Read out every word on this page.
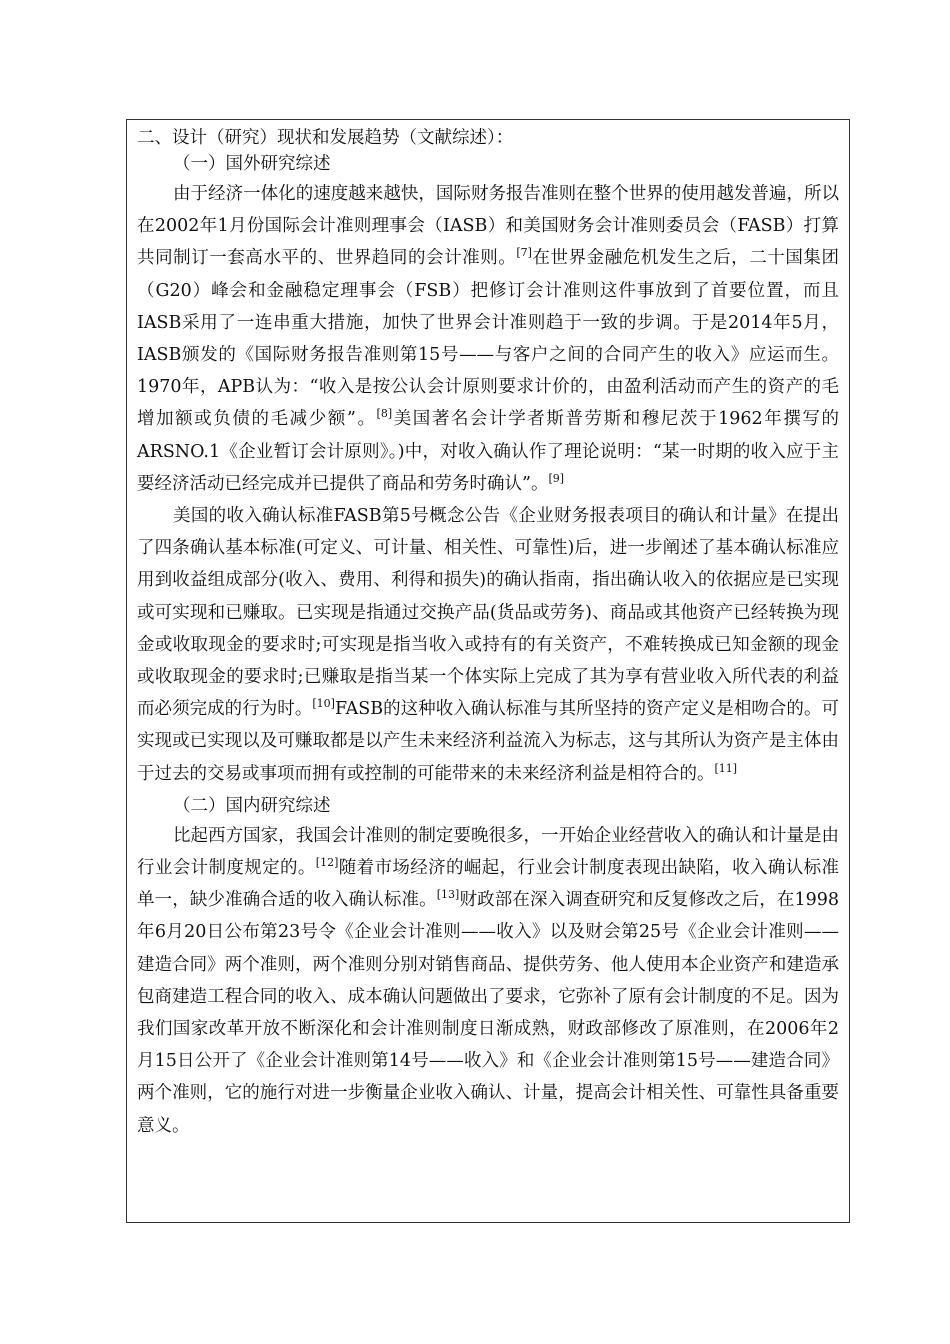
二、设计（研究）现状和发展趋势（文献综述）：

（一）国外研究综述

由于经济一体化的速度越来越快，国际财务报告准则在整个世界的使用越发普遍，所以在2002年1月份国际会计准则理事会（IASB）和美国财务会计准则委员会（FASB）打算共同制订一套高水平的、世界趋同的会计准则。[7]在世界金融危机发生之后，二十国集团（G20）峰会和金融稳定理事会（FSB）把修订会计准则这件事放到了首要位置，而且IASB采用了一连串重大措施，加快了世界会计准则趋于一致的步调。于是2014年5月，IASB颁发的《国际财务报告准则第15号——与客户之间的合同产生的收入》应运而生。1970年，APB认为：“收入是按公认会计原则要求计价的，由盈利活动而产生的资产的毛增加额或负债的毛减少额”。[8]美国著名会计学者斯普劳斯和穆尼茨于1962年撰写的ARSNO.1《企业暂订会计原则》。)中，对收入确认作了理论说明：“某一时期的收入应于主要经济活动已经完成并已提供了商品和劳务时确认”。[9]

美国的收入确认标准FASB第5号概念公告《企业财务报表项目的确认和计量》在提出了四条确认基本标准(可定义、可计量、相关性、可靠性)后，进一步阐述了基本确认标准应用到收益组成部分(收入、费用、利得和损失)的确认指南，指出确认收入的依据应是已实现或可实现和已赚取。已实现是指通过交换产品(货品或劳务)、商品或其他资产已经转换为现金或收取现金的要求时;可实现是指当收入或持有的有关资产，不难转换成已知金额的现金或收取现金的要求时;已赚取是指当某一个体实际上完成了其为享有营业收入所代表的利益而必须完成的行为时。[10]FASB的这种收入确认标准与其所坚持的资产定义是相吻合的。可实现或已实现以及可赚取都是以产生未来经济利益流入为标志，这与其所认为资产是主体由于过去的交易或事项而拥有或控制的可能带来的未来经济利益是相符合的。[11]

（二）国内研究综述

比起西方国家，我国会计准则的制定要晚很多，一开始企业经营收入的确认和计量是由行业会计制度规定的。[12]随着市场经济的崛起，行业会计制度表现出缺陷，收入确认标准单一，缺少准确合适的收入确认标准。[13]财政部在深入调查研究和反复修改之后，在1998年6月20日公布第23号令《企业会计准则——收入》以及财会第25号《企业会计准则——建造合同》两个准则，两个准则分别对销售商品、提供劳务、他人使用本企业资产和建造承包商建造工程合同的收入、成本确认问题做出了要求，它弥补了原有会计制度的不足。因为我们国家改革开放不断深化和会计准则制度日渐成熟，财政部修改了原准则，在2006年2月15日公开了《企业会计准则第14号——收入》和《企业会计准则第15号——建造合同》两个准则，它的施行对进一步衡量企业收入确认、计量，提高会计相关性、可靠性具备重要意义。
